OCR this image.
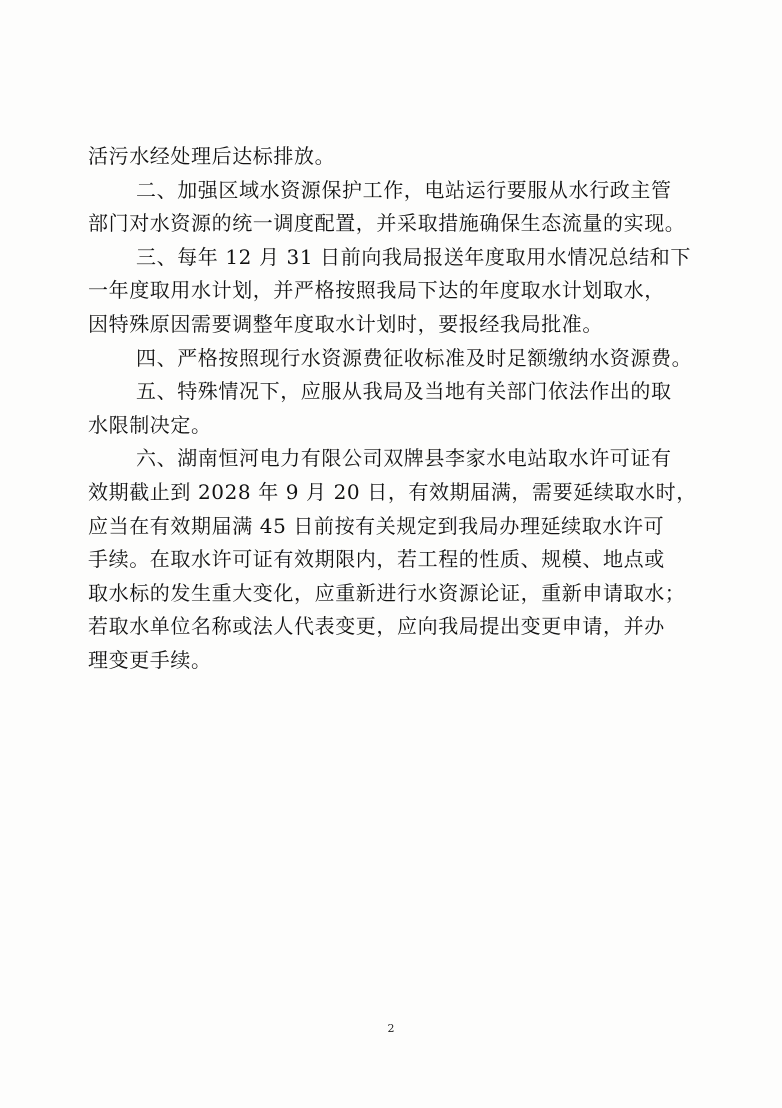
活污水经处理后达标排放。
二、加强区域水资源保护工作，电站运行要服从水行政主管
部门对水资源的统一调度配置，并采取措施确保生态流量的实现。
三、每年 12 月 31 日前向我局报送年度取用水情况总结和下
一年度取用水计划，并严格按照我局下达的年度取水计划取水，
因特殊原因需要调整年度取水计划时，要报经我局批准。
四、严格按照现行水资源费征收标准及时足额缴纳水资源费。
五、特殊情况下，应服从我局及当地有关部门依法作出的取
水限制决定。
六、湖南恒河电力有限公司双牌县李家水电站取水许可证有
效期截止到 2028 年 9 月 20 日，有效期届满，需要延续取水时，
应当在有效期届满 45 日前按有关规定到我局办理延续取水许可
手续。在取水许可证有效期限内，若工程的性质、规模、地点或
取水标的发生重大变化，应重新进行水资源论证，重新申请取水；
若取水单位名称或法人代表变更，应向我局提出变更申请，并办
理变更手续。
2
